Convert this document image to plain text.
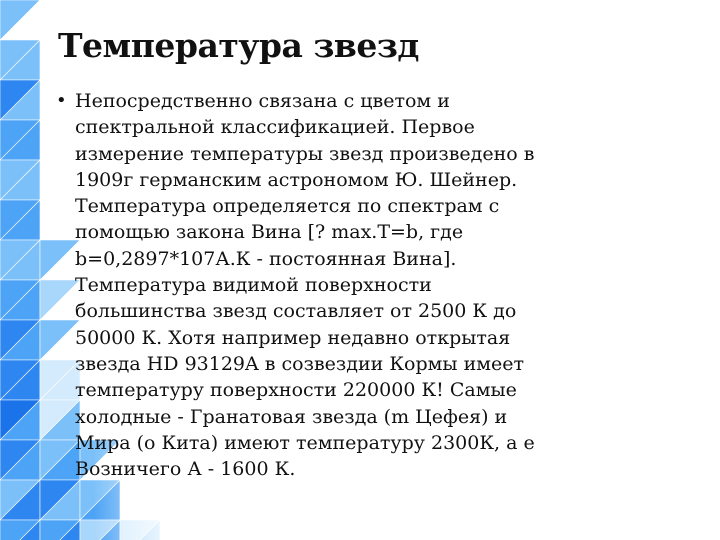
Температура звезд
• Непосредственно связана с цветом и
спектральной классификацией. Первое
измерение температуры звезд произведено в
1909г германским астрономом Ю. Шейнер.
Температура определяется по спектрам с
помощью закона Вина [? max.T=b, где
b=0,2897*107А.К - постоянная Вина].
Температура видимой поверхности
большинства звезд составляет от 2500 К до
50000 К. Хотя например недавно открытая
звезда HD 93129A в созвездии Кормы имеет
температуру поверхности 220000 К! Самые
холодные - Гранатовая звезда (m Цефея) и
Мира (o Кита) имеют температуру 2300К, а е
Возничего А - 1600 К.
